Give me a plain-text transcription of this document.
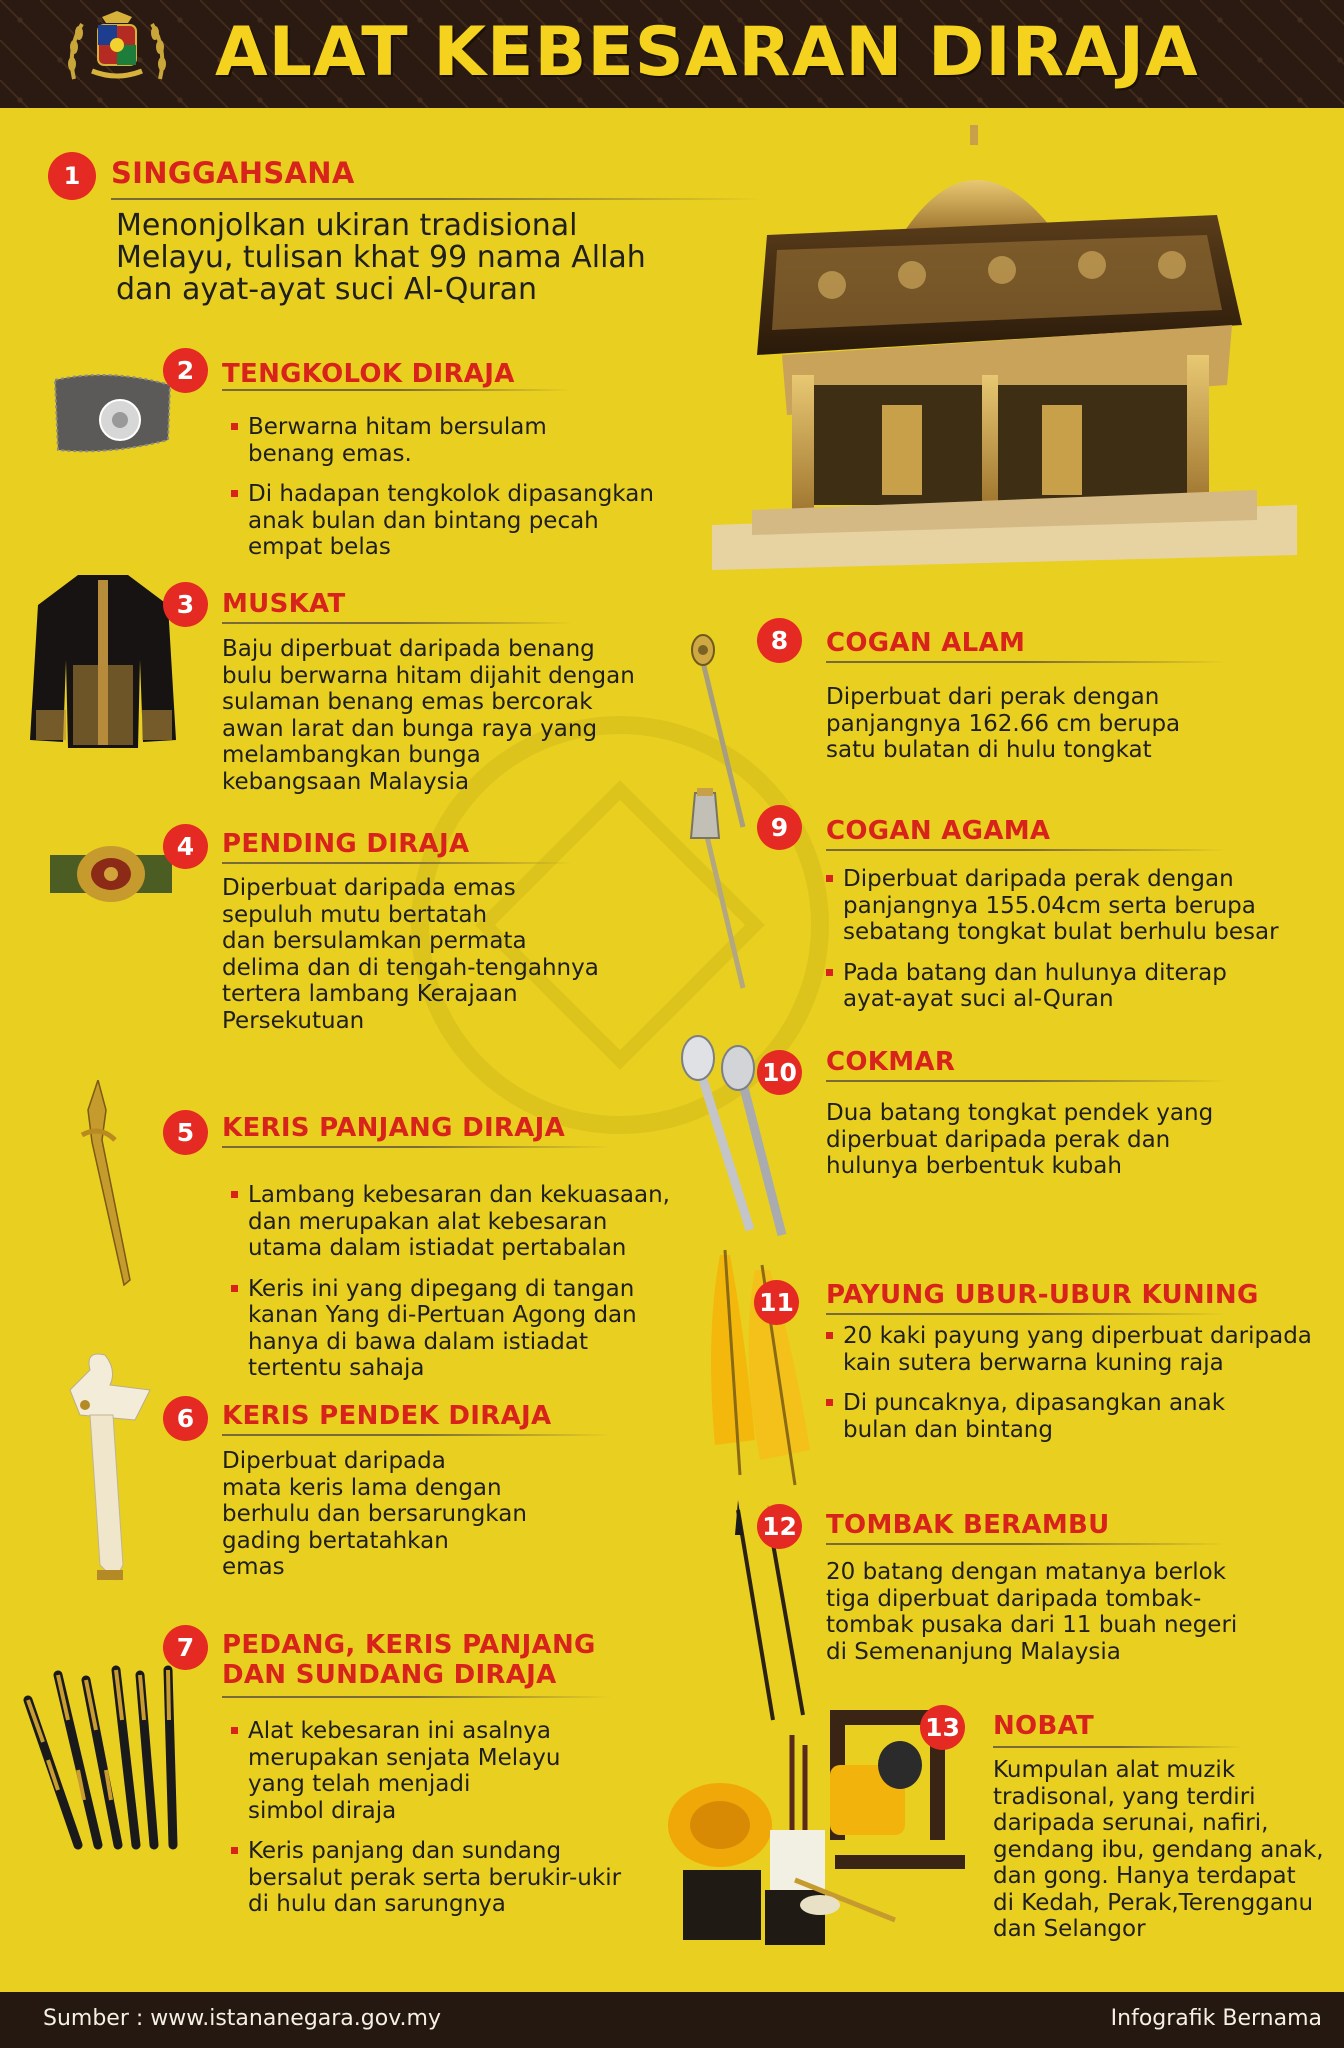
ALAT KEBESARAN DIRAJA
1	SINGGAHSANA
Menonjolkan ukiran tradisional
Melayu, tulisan khat 99 nama Allah
dan ayat-ayat suci Al-Quran
2	TENGKOLOK DIRAJA
Berwarna hitam bersulam
benang emas.
Di hadapan tengkolok dipasangkan
anak bulan dan bintang pecah
empat belas
3	MUSKAT
Baju diperbuat daripada benang
bulu berwarna hitam dijahit dengan
sulaman benang emas bercorak
awan larat dan bunga raya yang
melambangkan bunga
kebangsaan Malaysia
4	PENDING DIRAJA
Diperbuat daripada emas
sepuluh mutu bertatah
dan bersulamkan permata
delima dan di tengah-tengahnya
tertera lambang Kerajaan
Persekutuan
5	KERIS PANJANG DIRAJA
Lambang kebesaran dan kekuasaan,
dan merupakan alat kebesaran
utama dalam istiadat pertabalan
Keris ini yang dipegang di tangan
kanan Yang di-Pertuan Agong dan
hanya di bawa dalam istiadat
tertentu sahaja
6	KERIS PENDEK DIRAJA
Diperbuat daripada
mata keris lama dengan
berhulu dan bersarungkan
gading bertatahkan
emas
7	PEDANG, KERIS PANJANG
DAN SUNDANG DIRAJA
Alat kebesaran ini asalnya
merupakan senjata Melayu
yang telah menjadi
simbol diraja
Keris panjang dan sundang
bersalut perak serta berukir-ukir
di hulu dan sarungnya
8	COGAN ALAM
Diperbuat dari perak dengan
panjangnya 162.66 cm berupa
satu bulatan di hulu tongkat
9	COGAN AGAMA
Diperbuat daripada perak dengan
panjangnya 155.04cm serta berupa
sebatang tongkat bulat berhulu besar
Pada batang dan hulunya diterap
ayat-ayat suci al-Quran
10 COKMAR
Dua batang tongkat pendek yang
diperbuat daripada perak dan
hulunya berbentuk kubah
11 PAYUNG UBUR-UBUR KUNING
20 kaki payung yang diperbuat daripada
kain sutera berwarna kuning raja
Di puncaknya, dipasangkan anak
bulan dan bintang
12 TOMBAK BERAMBU
20 batang dengan matanya berlok
tiga diperbuat daripada tombak-
tombak pusaka dari 11 buah negeri
di Semenanjung Malaysia
13 NOBAT
Kumpulan alat muzik
tradisonal, yang terdiri
daripada serunai, nafiri,
gendang ibu, gendang anak,
dan gong. Hanya terdapat
di Kedah, Perak,Terengganu
dan Selangor
Sumber : www.istananegara.gov.my	Infografik Bernama
